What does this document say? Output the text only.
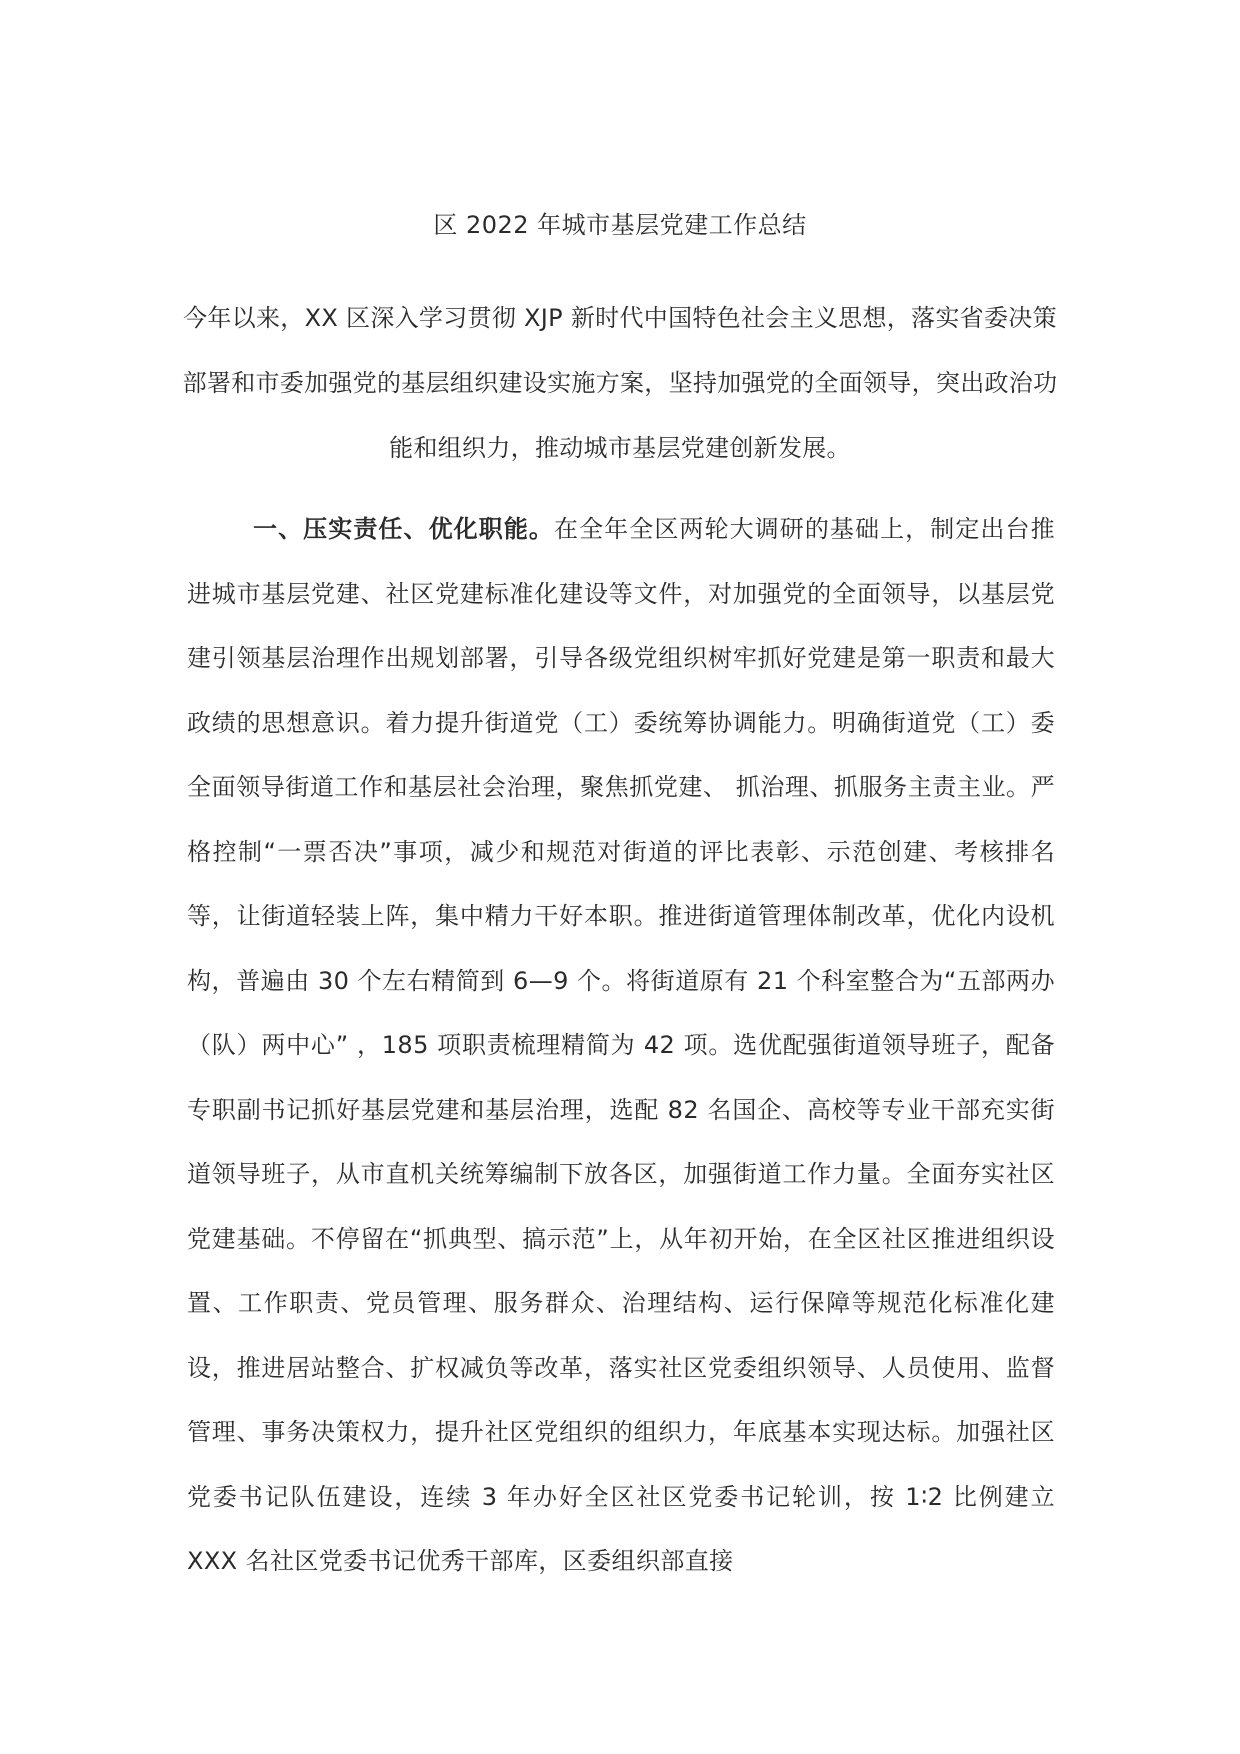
区 2022 年城市基层党建工作总结

今年以来，XX 区深入学习贯彻 XJP 新时代中国特色社会主义思想，落实省委决策部署和市委加强党的基层组织建设实施方案，坚持加强党的全面领导，突出政治功能和组织力，推动城市基层党建创新发展。

一、压实责任、优化职能。在全年全区两轮大调研的基础上，制定出台推进城市基层党建、社区党建标准化建设等文件，对加强党的全面领导，以基层党建引领基层治理作出规划部署，引导各级党组织树牢抓好党建是第一职责和最大政绩的思想意识。着力提升街道党（工）委统筹协调能力。明确街道党（工）委全面领导街道工作和基层社会治理，聚焦抓党建、 抓治理、抓服务主责主业。严格控制“一票否决”事项，减少和规范对街道的评比表彰、示范创建、考核排名等，让街道轻装上阵，集中精力干好本职。推进街道管理体制改革，优化内设机构，普遍由 30 个左右精简到 6—9 个。将街道原有 21 个科室整合为“五部两办（队）两中心” ，185 项职责梳理精简为 42 项。选优配强街道领导班子，配备专职副书记抓好基层党建和基层治理，选配 82 名国企、高校等专业干部充实街道领导班子，从市直机关统筹编制下放各区，加强街道工作力量。全面夯实社区党建基础。不停留在“抓典型、搞示范”上，从年初开始，在全区社区推进组织设置、工作职责、党员管理、服务群众、治理结构、运行保障等规范化标准化建设，推进居站整合、扩权减负等改革，落实社区党委组织领导、人员使用、监督管理、事务决策权力，提升社区党组织的组织力，年底基本实现达标。加强社区党委书记队伍建设，连续 3 年办好全区社区党委书记轮训，按 1∶2 比例建立 XXX 名社区党委书记优秀干部库，区委组织部直接
